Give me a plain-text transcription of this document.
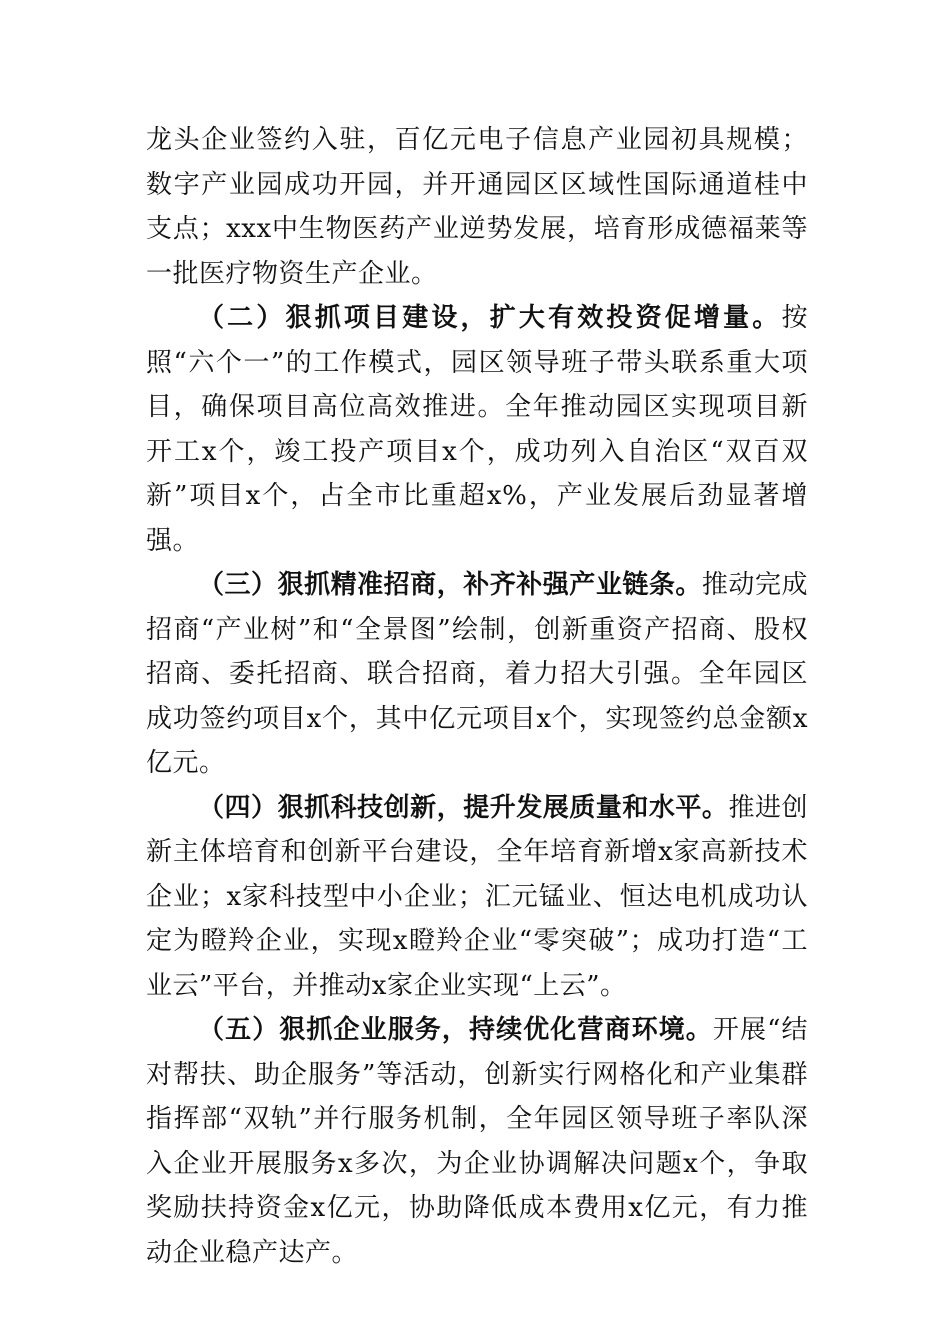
龙头企业签约入驻，百亿元电子信息产业园初具规模；数字产业园成功开园，并开通园区区域性国际通道桂中支点；xxx中生物医药产业逆势发展，培育形成德福莱等一批医疗物资生产企业。

（二）狠抓项目建设，扩大有效投资促增量。按照“六个一”的工作模式，园区领导班子带头联系重大项目，确保项目高位高效推进。全年推动园区实现项目新开工x个，竣工投产项目x个，成功列入自治区“双百双新”项目x个，占全市比重超x%，产业发展后劲显著增强。

（三）狠抓精准招商，补齐补强产业链条。推动完成招商“产业树”和“全景图”绘制，创新重资产招商、股权招商、委托招商、联合招商，着力招大引强。全年园区成功签约项目x个，其中亿元项目x个，实现签约总金额x亿元。

（四）狠抓科技创新，提升发展质量和水平。推进创新主体培育和创新平台建设，全年培育新增x家高新技术企业；x家科技型中小企业；汇元锰业、恒达电机成功认定为瞪羚企业，实现x瞪羚企业“零突破”；成功打造“工业云”平台，并推动x家企业实现“上云”。

（五）狠抓企业服务，持续优化营商环境。开展“结对帮扶、助企服务”等活动，创新实行网格化和产业集群指挥部“双轨”并行服务机制，全年园区领导班子率队深入企业开展服务x多次，为企业协调解决问题x个，争取奖励扶持资金x亿元，协助降低成本费用x亿元，有力推动企业稳产达产。
